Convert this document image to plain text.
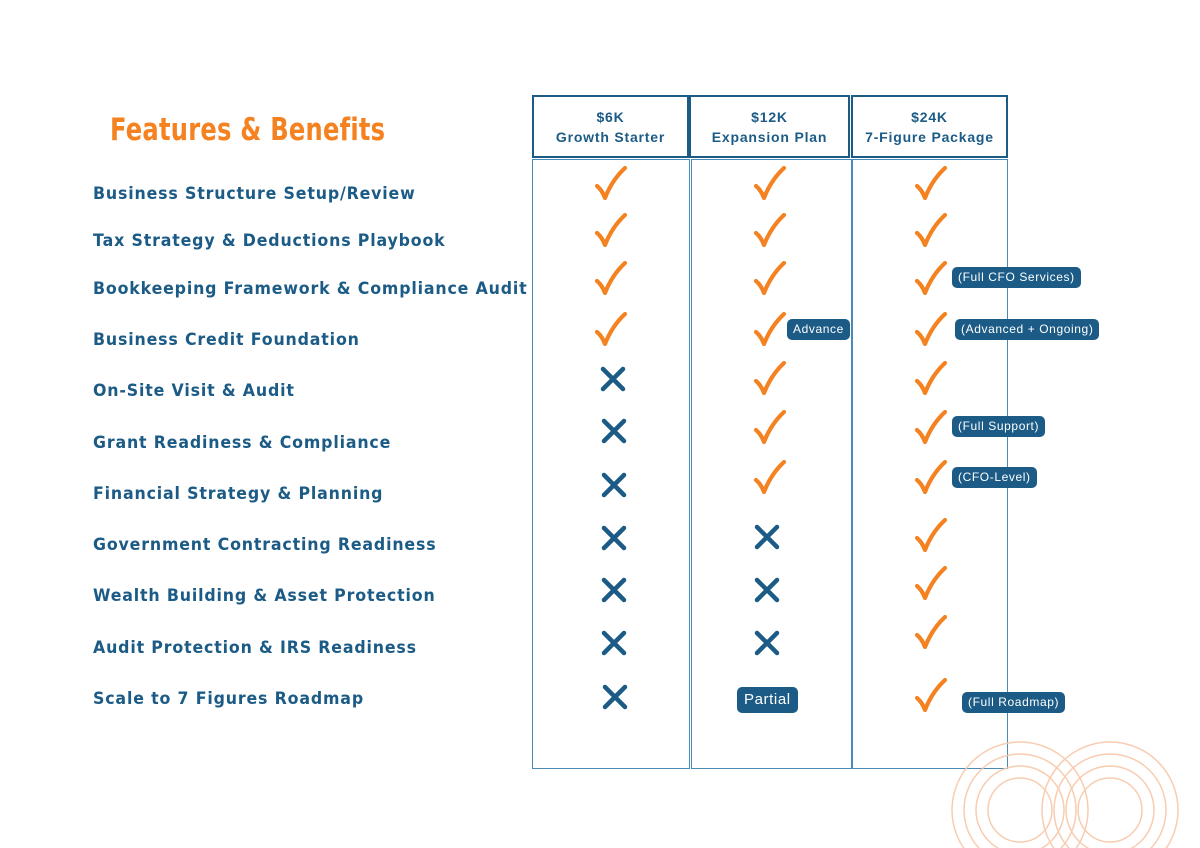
Features & Benefits
Business Structure Setup/Review
Tax Strategy & Deductions Playbook
Bookkeeping Framework & Compliance Audit
Business Credit Foundation
On-Site Visit & Audit
Grant Readiness & Compliance
Financial Strategy & Planning
Government Contracting Readiness
Wealth Building & Asset Protection
Audit Protection & IRS Readiness
Scale to 7 Figures Roadmap
$6K
Growth Starter
$12K
Expansion Plan
$24K
7-Figure Package
Advance
Partial
(Full CFO Services)
(Advanced + Ongoing)
(Full Support)
(CFO-Level)
(Full Roadmap)
